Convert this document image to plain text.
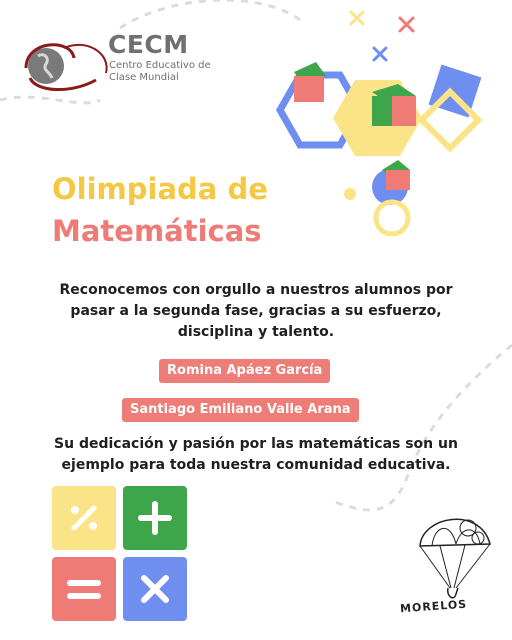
CECM
Centro Educativo de
Clase Mundial
Olimpiada de
Matemáticas
Reconocemos con orgullo a nuestros alumnos por
pasar a la segunda fase, gracias a su esfuerzo,
disciplina y talento.
Romina Apáez García
Santiago Emiliano Valle Arana
Su dedicación y pasión por las matemáticas son un
ejemplo para toda nuestra comunidad educativa.
MORELOS
